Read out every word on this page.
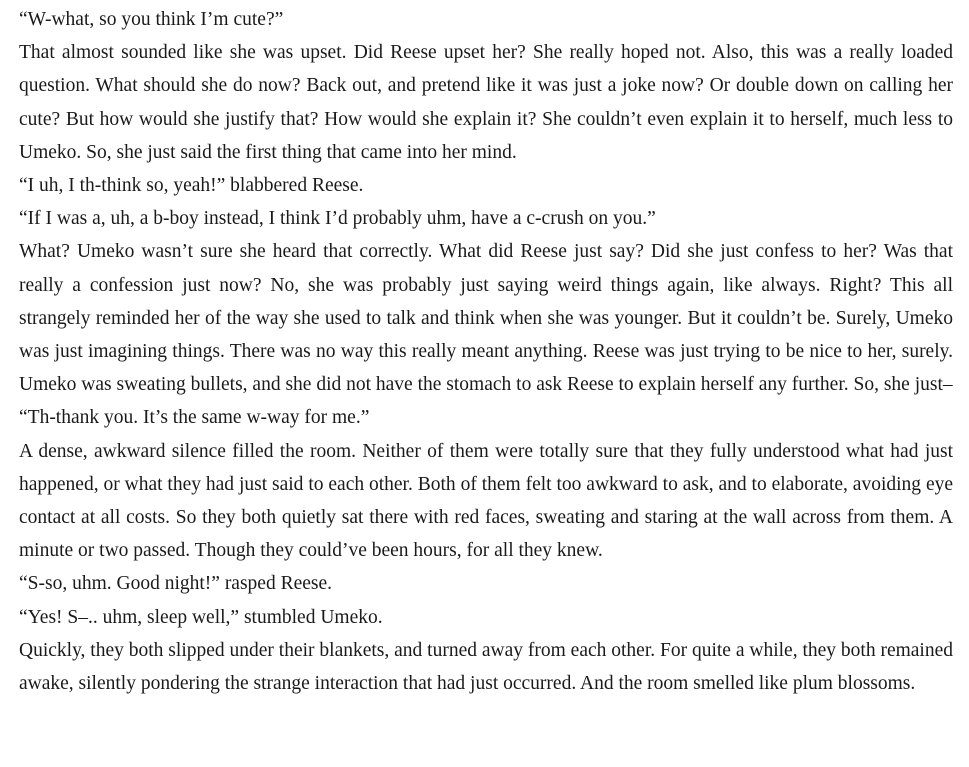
“W-what, so you think I’m cute?”

That almost sounded like she was upset. Did Reese upset her? She really hoped not. Also, this was a really loaded question. What should she do now? Back out, and pretend like it was just a joke now? Or double down on calling her cute? But how would she justify that? How would she explain it? She couldn’t even explain it to herself, much less to Umeko. So, she just said the first thing that came into her mind.

“I uh, I th-think so, yeah!” blabbered Reese.

“If I was a, uh, a b-boy instead, I think I’d probably uhm, have a c-crush on you.”

What? Umeko wasn’t sure she heard that correctly. What did Reese just say? Did she just confess to her? Was that really a confession just now? No, she was probably just saying weird things again, like always. Right? This all strangely reminded her of the way she used to talk and think when she was younger. But it couldn’t be. Surely, Umeko was just imagining things. There was no way this really meant anything. Reese was just trying to be nice to her, surely. Umeko was sweating bullets, and she did not have the stomach to ask Reese to explain herself any further. So, she just–

“Th-thank you. It’s the same w-way for me.”

A dense, awkward silence filled the room. Neither of them were totally sure that they fully understood what had just happened, or what they had just said to each other. Both of them felt too awkward to ask, and to elaborate, avoiding eye contact at all costs. So they both quietly sat there with red faces, sweating and staring at the wall across from them. A minute or two passed. Though they could’ve been hours, for all they knew.

“S-so, uhm. Good night!” rasped Reese.

“Yes! S–.. uhm, sleep well,” stumbled Umeko.

Quickly, they both slipped under their blankets, and turned away from each other. For quite a while, they both remained awake, silently pondering the strange interaction that had just occurred. And the room smelled like plum blossoms.
